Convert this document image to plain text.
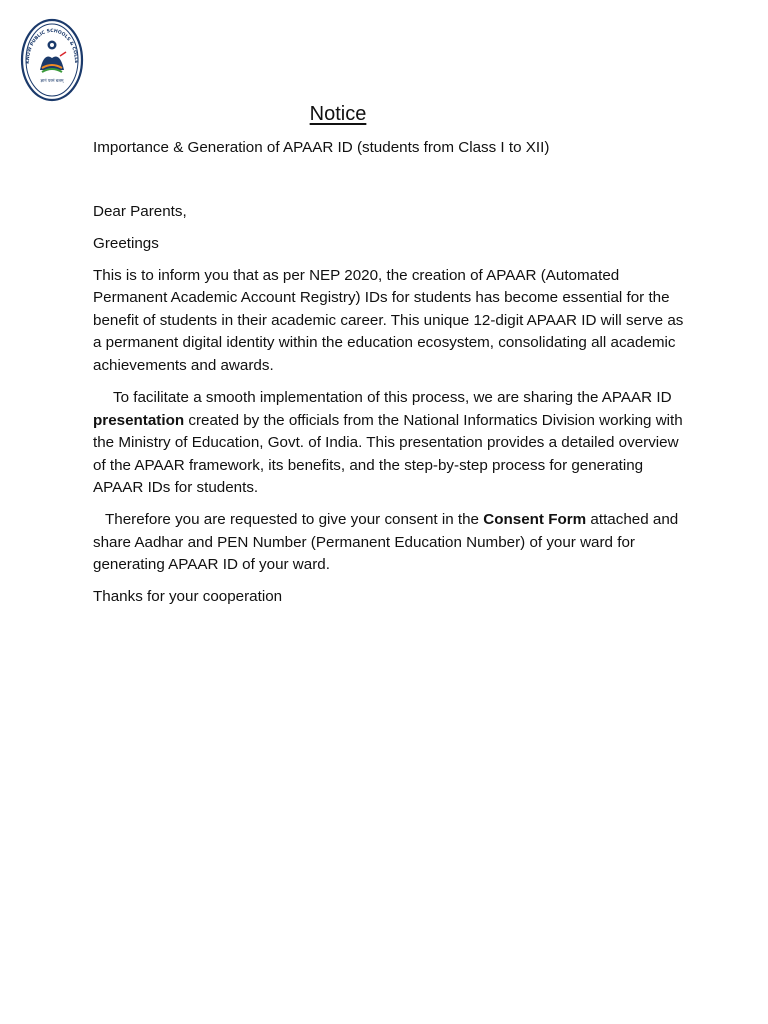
KNOW PUBLIC SCHOOLS & COLLE
ज्ञानं परमं बलम्
Notice

Importance & Generation of APAAR ID (students from Class I to XII)

Dear Parents,

Greetings

This is to inform you that as per NEP 2020, the creation of APAAR (Automated Permanent Academic Account Registry) IDs for students has become essential for the benefit of students in their academic career. This unique 12-digit APAAR ID will serve as a permanent digital identity within the education ecosystem, consolidating all academic achievements and awards.

To facilitate a smooth implementation of this process, we are sharing the APAAR ID presentation created by the officials from the National Informatics Division working with the Ministry of Education, Govt. of India. This presentation provides a detailed overview of the APAAR framework, its benefits, and the step-by-step process for generating APAAR IDs for students.

Therefore you are requested to give your consent in the Consent Form attached and share Aadhar and PEN Number (Permanent Education Number) of your ward for generating APAAR ID of your ward.

Thanks for your cooperation
